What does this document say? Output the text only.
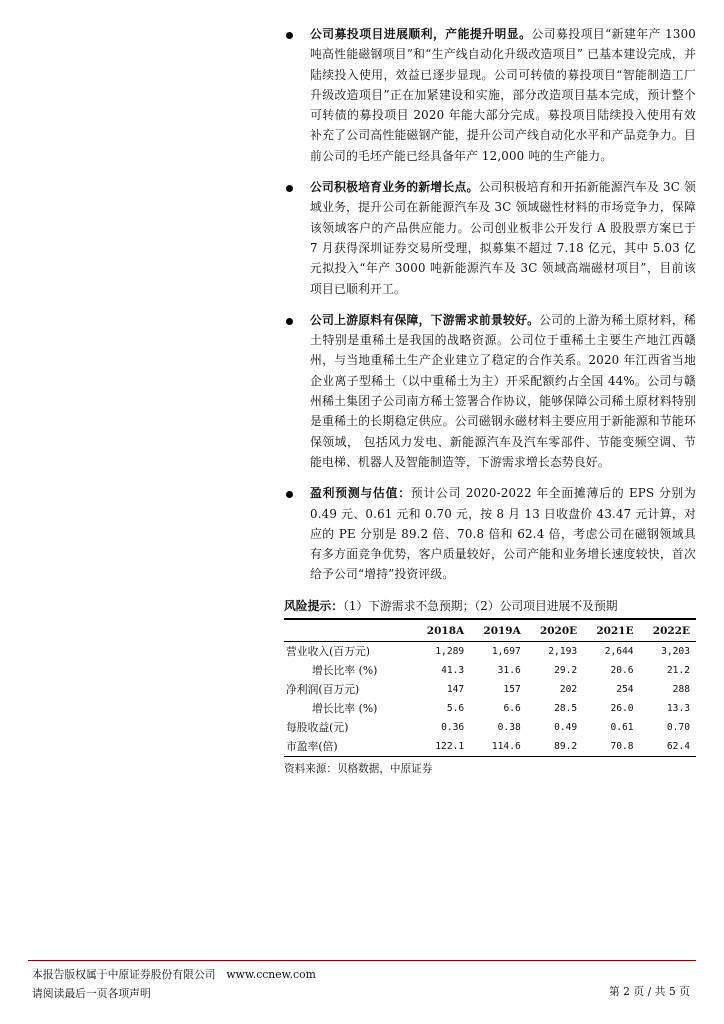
公司募投项目进展顺利，产能提升明显。公司募投项目“新建年产 1300 吨高性能磁钢项目”和“生产线自动化升级改造项目” 已基本建设完成，并陆续投入使用，效益已逐步显现。公司可转债的募投项目“智能制造工厂升级改造项目”正在加紧建设和实施，部分改造项目基本完成，预计整个可转债的募投项目 2020 年能大部分完成。募投项目陆续投入使用有效补充了公司高性能磁钢产能，提升公司产线自动化水平和产品竞争力。目前公司的毛坯产能已经具备年产 12,000 吨的生产能力。
公司积极培育业务的新增长点。公司积极培育和开拓新能源汽车及 3C 领域业务，提升公司在新能源汽车及 3C 领域磁性材料的市场竞争力，保障该领域客户的产品供应能力。公司创业板非公开发行 A 股股票方案已于 7 月获得深圳证券交易所受理，拟募集不超过 7.18 亿元，其中 5.03 亿元拟投入“年产 3000 吨新能源汽车及 3C 领域高端磁材项目”，目前该项目已顺利开工。
公司上游原料有保障，下游需求前景较好。公司的上游为稀土原材料，稀土特别是重稀土是我国的战略资源。公司位于重稀土主要生产地江西赣州，与当地重稀土生产企业建立了稳定的合作关系。2020 年江西省当地企业离子型稀土（以中重稀土为主）开采配额约占全国 44%。公司与赣州稀土集团子公司南方稀土签署合作协议，能够保障公司稀土原材料特别是重稀土的长期稳定供应。公司磁钢永磁材料主要应用于新能源和节能环保领域， 包括风力发电、新能源汽车及汽车零部件、节能变频空调、节能电梯、机器人及智能制造等，下游需求增长态势良好。
盈利预测与估值：预计公司 2020-2022 年全面摊薄后的 EPS 分别为 0.49 元、0.61 元和 0.70 元，按 8 月 13 日收盘价 43.47 元计算，对应的 PE 分别是 89.2 倍、70.8 倍和 62.4 倍，考虑公司在磁钢领域具有多方面竞争优势，客户质量较好，公司产能和业务增长速度较快，首次给予公司“增持”投资评级。
风险提示：（1）下游需求不急预期；（2）公司项目进展不及预期
	2018A	2019A	2020E	2021E	2022E
营业收入(百万元)	1,289	1,697	2,193	2,644	3,203
增长比率 (%)	41.3	31.6	29.2	20.6	21.2
净利润(百万元)	147	157	202	254	288
增长比率 (%)	5.6	6.6	28.5	26.0	13.3
每股收益(元)	0.36	0.38	0.49	0.61	0.70
市盈率(倍)	122.1	114.6	89.2	70.8	62.4
资料来源：贝格数据，中原证券
本报告版权属于中原证券股份有限公司　www.ccnew.com
请阅读最后一页各项声明	第 2 页 / 共 5 页
